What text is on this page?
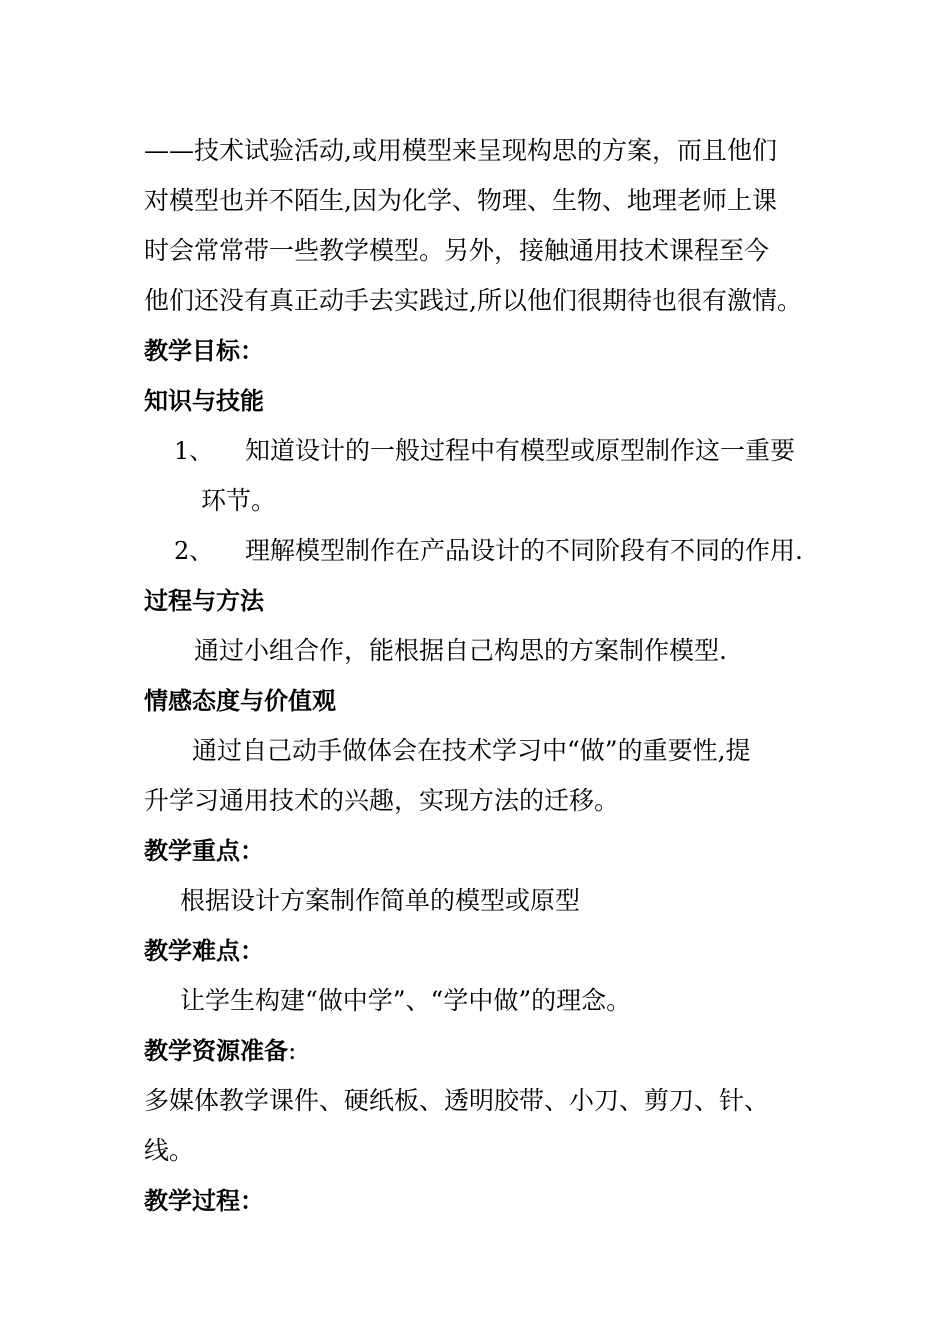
——技术试验活动,或用模型来呈现构思的方案，而且他们
对模型也并不陌生,因为化学、物理、生物、地理老师上课
时会常常带一些教学模型。另外，接触通用技术课程至今
他们还没有真正动手去实践过,所以他们很期待也很有激情。
教学目标：
知识与技能
1、 知道设计的一般过程中有模型或原型制作这一重要
环节。
2、 理解模型制作在产品设计的不同阶段有不同的作用.
过程与方法
通过小组合作，能根据自己构思的方案制作模型.
情感态度与价值观
通过自己动手做体会在技术学习中“做”的重要性,提
升学习通用技术的兴趣，实现方法的迁移。
教学重点：
根据设计方案制作简单的模型或原型
教学难点：
让学生构建“做中学”、“学中做”的理念。
教学资源准备:
多媒体教学课件、硬纸板、透明胶带、小刀、剪刀、针、
线。
教学过程：
